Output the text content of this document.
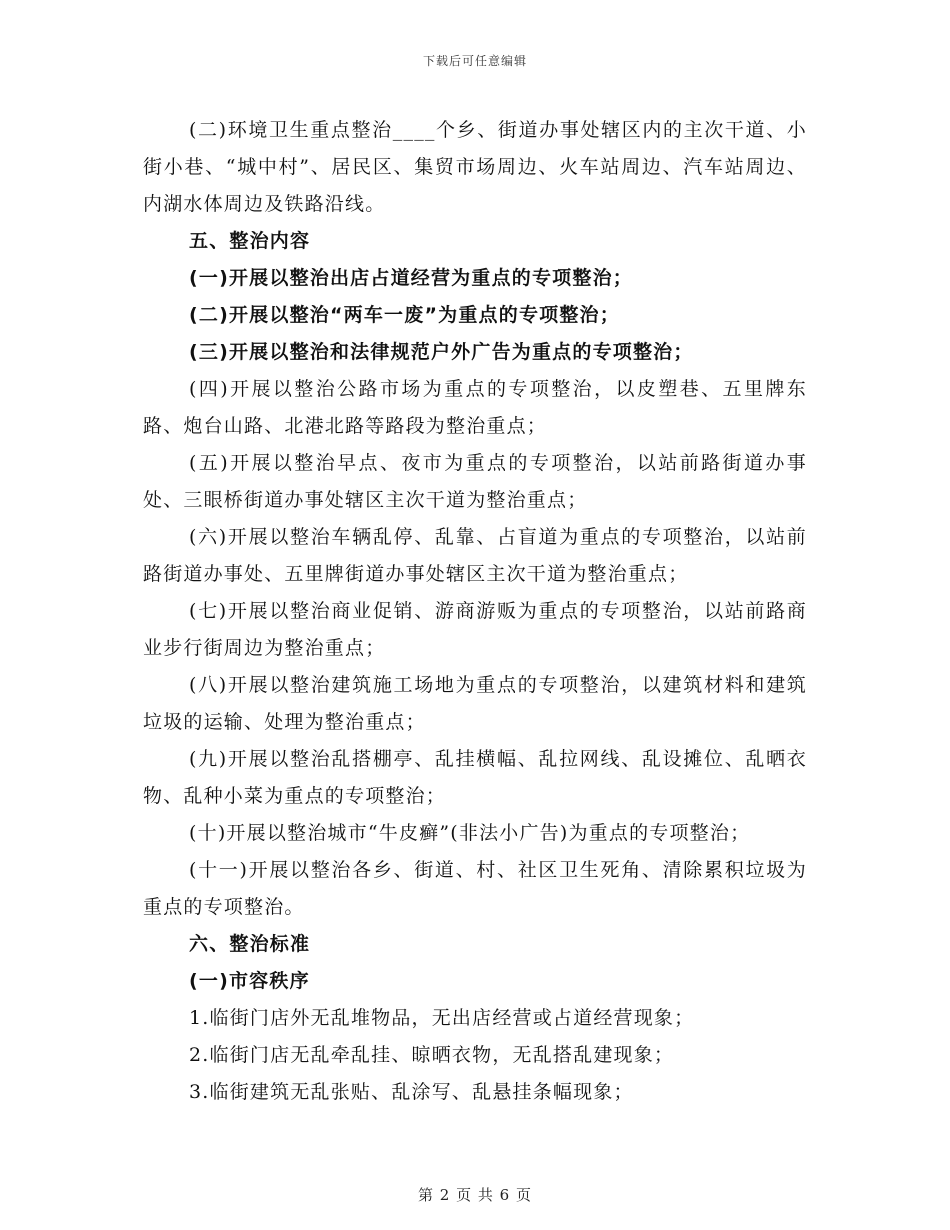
下载后可任意编辑

(二)环境卫生重点整治____个乡、街道办事处辖区内的主次干道、小街小巷、“城中村”、居民区、集贸市场周边、火车站周边、汽车站周边、内湖水体周边及铁路沿线。

五、整治内容

(一)开展以整治出店占道经营为重点的专项整治；

(二)开展以整治“两车一废”为重点的专项整治；

(三)开展以整治和法律规范户外广告为重点的专项整治；

(四)开展以整治公路市场为重点的专项整治，以皮塑巷、五里牌东路、炮台山路、北港北路等路段为整治重点；

(五)开展以整治早点、夜市为重点的专项整治，以站前路街道办事处、三眼桥街道办事处辖区主次干道为整治重点；

(六)开展以整治车辆乱停、乱靠、占盲道为重点的专项整治，以站前路街道办事处、五里牌街道办事处辖区主次干道为整治重点；

(七)开展以整治商业促销、游商游贩为重点的专项整治，以站前路商业步行街周边为整治重点；

(八)开展以整治建筑施工场地为重点的专项整治，以建筑材料和建筑垃圾的运输、处理为整治重点；

(九)开展以整治乱搭棚亭、乱挂横幅、乱拉网线、乱设摊位、乱晒衣物、乱种小菜为重点的专项整治；

(十)开展以整治城市“牛皮癣”(非法小广告)为重点的专项整治；

(十一)开展以整治各乡、街道、村、社区卫生死角、清除累积垃圾为重点的专项整治。

六、整治标准

(一)市容秩序

1.临街门店外无乱堆物品，无出店经营或占道经营现象；

2.临街门店无乱牵乱挂、晾晒衣物，无乱搭乱建现象；

3.临街建筑无乱张贴、乱涂写、乱悬挂条幅现象；

第 2 页 共 6 页
